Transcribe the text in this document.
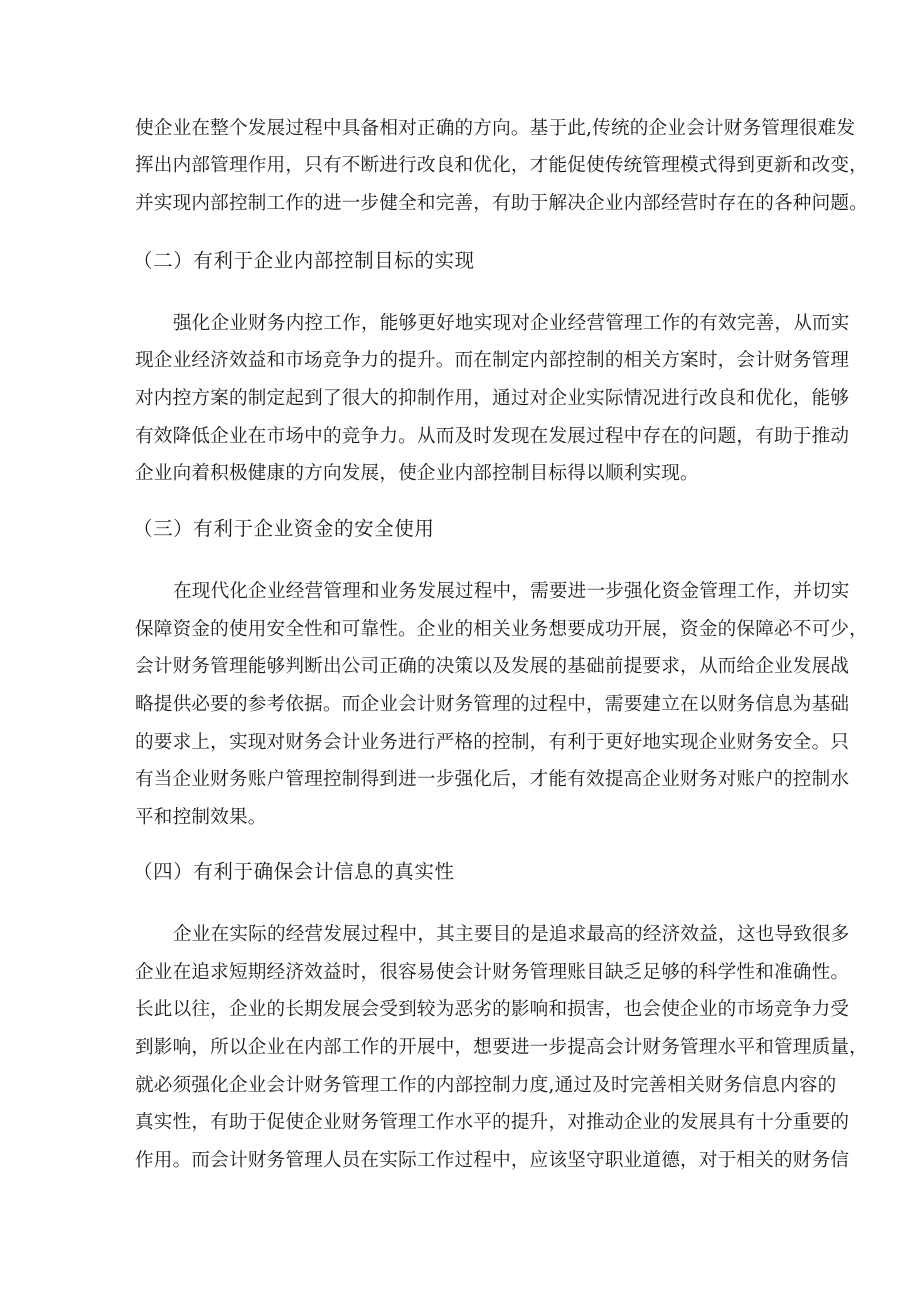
使企业在整个发展过程中具备相对正确的方向。基于此,传统的企业会计财务管理很难发
挥出内部管理作用，只有不断进行改良和优化，才能促使传统管理模式得到更新和改变，
并实现内部控制工作的进一步健全和完善，有助于解决企业内部经营时存在的各种问题。
（二）有利于企业内部控制目标的实现
强化企业财务内控工作，能够更好地实现对企业经营管理工作的有效完善，从而实
现企业经济效益和市场竞争力的提升。而在制定内部控制的相关方案时，会计财务管理
对内控方案的制定起到了很大的抑制作用，通过对企业实际情况进行改良和优化，能够
有效降低企业在市场中的竞争力。从而及时发现在发展过程中存在的问题，有助于推动
企业向着积极健康的方向发展，使企业内部控制目标得以顺利实现。
（三）有利于企业资金的安全使用
在现代化企业经营管理和业务发展过程中，需要进一步强化资金管理工作，并切实
保障资金的使用安全性和可靠性。企业的相关业务想要成功开展，资金的保障必不可少，
会计财务管理能够判断出公司正确的决策以及发展的基础前提要求，从而给企业发展战
略提供必要的参考依据。而企业会计财务管理的过程中，需要建立在以财务信息为基础
的要求上，实现对财务会计业务进行严格的控制，有利于更好地实现企业财务安全。只
有当企业财务账户管理控制得到进一步强化后，才能有效提高企业财务对账户的控制水
平和控制效果。
（四）有利于确保会计信息的真实性
企业在实际的经营发展过程中，其主要目的是追求最高的经济效益，这也导致很多
企业在追求短期经济效益时，很容易使会计财务管理账目缺乏足够的科学性和准确性。
长此以往，企业的长期发展会受到较为恶劣的影响和损害，也会使企业的市场竞争力受
到影响，所以企业在内部工作的开展中，想要进一步提高会计财务管理水平和管理质量，
就必须强化企业会计财务管理工作的内部控制力度,通过及时完善相关财务信息内容的
真实性，有助于促使企业财务管理工作水平的提升，对推动企业的发展具有十分重要的
作用。而会计财务管理人员在实际工作过程中，应该坚守职业道德，对于相关的财务信
